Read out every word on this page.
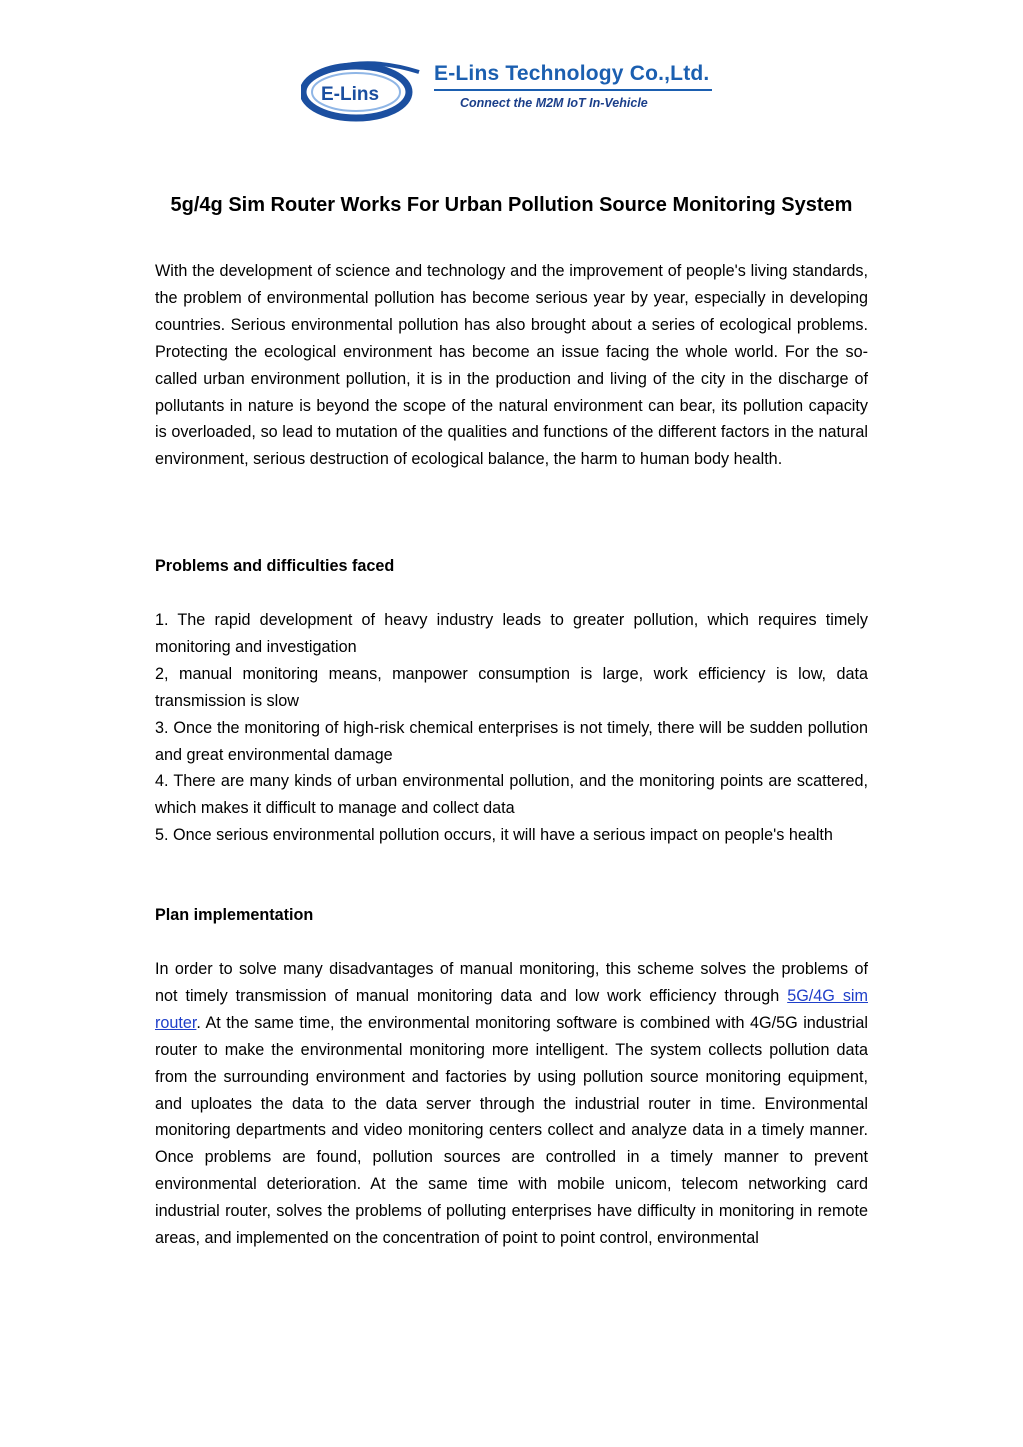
E-Lins
E-Lins Technology Co.,Ltd.
Connect the M2M IoT In-Vehicle
5g/4g Sim Router Works For Urban Pollution Source Monitoring System

With the development of science and technology and the improvement of people's living standards, the problem of environmental pollution has become serious year by year, especially in developing countries. Serious environmental pollution has also brought about a series of ecological problems. Protecting the ecological environment has become an issue facing the whole world. For the so-called urban environment pollution, it is in the production and living of the city in the discharge of pollutants in nature is beyond the scope of the natural environment can bear, its pollution capacity is overloaded, so lead to mutation of the qualities and functions of the different factors in the natural environment, serious destruction of ecological balance, the harm to human body health.

Problems and difficulties faced
1. The rapid development of heavy industry leads to greater pollution, which requires timely monitoring and investigation
2, manual monitoring means, manpower consumption is large, work efficiency is low, data transmission is slow
3. Once the monitoring of high-risk chemical enterprises is not timely, there will be sudden pollution and great environmental damage
4. There are many kinds of urban environmental pollution, and the monitoring points are scattered, which makes it difficult to manage and collect data
5. Once serious environmental pollution occurs, it will have a serious impact on people's health
Plan implementation

In order to solve many disadvantages of manual monitoring, this scheme solves the problems of not timely transmission of manual monitoring data and low work efficiency through 5G/4G sim router. At the same time, the environmental monitoring software is combined with 4G/5G industrial router to make the environmental monitoring more intelligent. The system collects pollution data from the surrounding environment and factories by using pollution source monitoring equipment, and uploates the data to the data server through the industrial router in time. Environmental monitoring departments and video monitoring centers collect and analyze data in a timely manner. Once problems are found, pollution sources are controlled in a timely manner to prevent environmental deterioration. At the same time with mobile unicom, telecom networking card industrial router, solves the problems of polluting enterprises have difficulty in monitoring in remote areas, and implemented on the concentration of point to point control, environmental
